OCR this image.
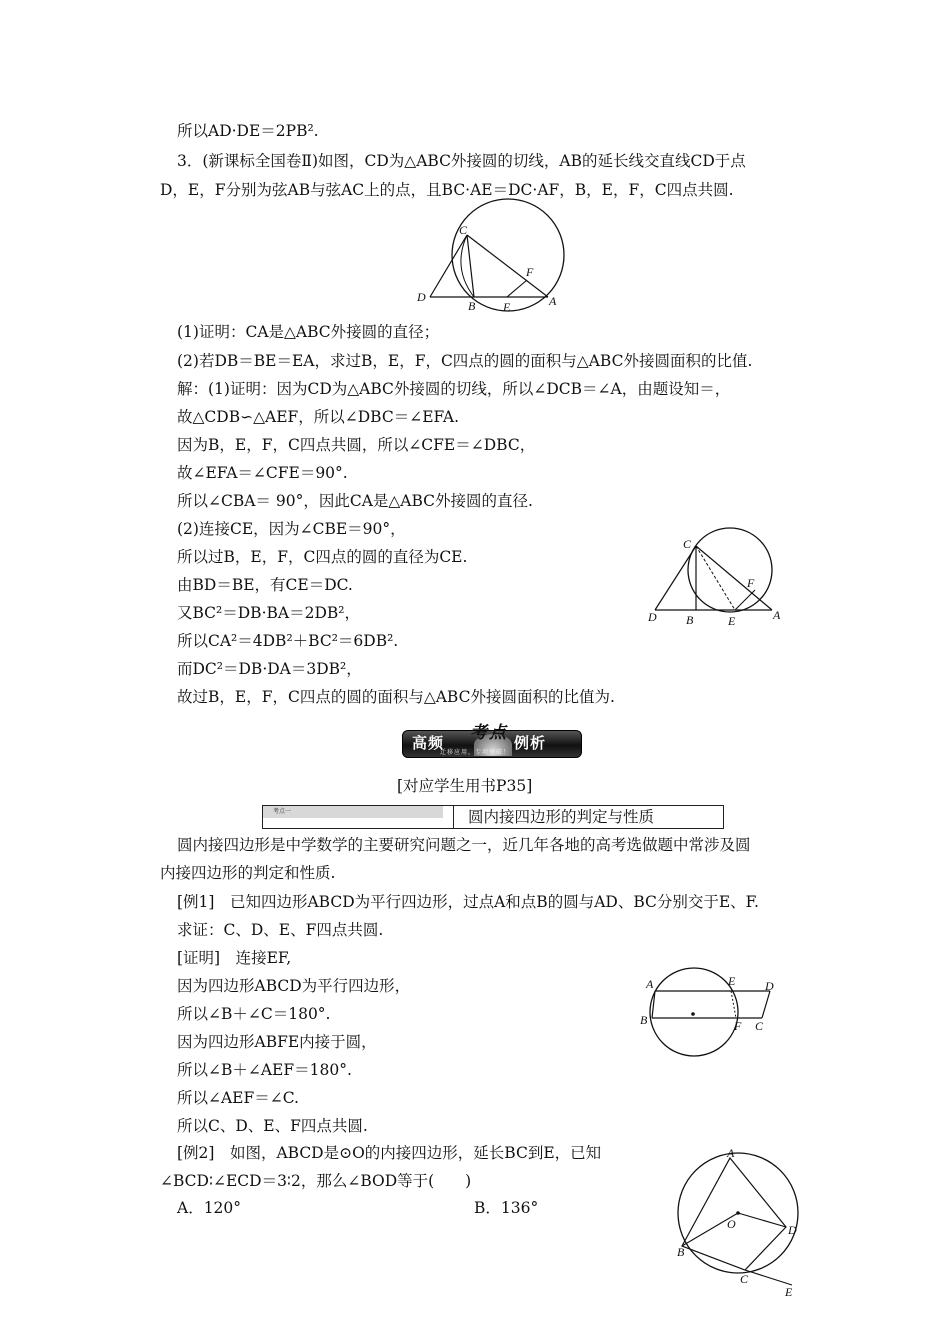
所以AD·DE＝2PB².
3．(新课标全国卷Ⅱ)如图，CD为△ABC外接圆的切线，AB的延长线交直线CD于点
D，E，F分别为弦AB与弦AC上的点，且BC·AE＝DC·AF，B，E，F，C四点共圆.
C
F
D
B E	A
(1)证明：CA是△ABC外接圆的直径；
(2)若DB＝BE＝EA，求过B，E，F，C四点的圆的面积与△ABC外接圆面积的比值.
解：(1)证明：因为CD为△ABC外接圆的切线，所以∠DCB＝∠A，由题设知＝，
故△CDB∽△AEF，所以∠DBC＝∠EFA.
因为B，E，F，C四点共圆，所以∠CFE＝∠DBC，
故∠EFA＝∠CFE＝90°.
所以∠CBA＝ 90°，因此CA是△ABC外接圆的直径.
(2)连接CE，因为∠CBE＝90°，
所以过B，E，F，C四点的圆的直径为CE.
由BD＝BE，有CE＝DC.
又BC²＝DB·BA＝2DB²，
所以CA²＝4DB²＋BC²＝6DB².
而DC²＝DB·DA＝3DB²，
故过B，E，F，C四点的圆的面积与△ABC外接圆面积的比值为.
C
F
D B	E	A
高频 考点 例析
迁移应用，专项突破！
[对应学生用书P35]
考点一	圆内接四边形的判定与性质
圆内接四边形是中学数学的主要研究问题之一，近几年各地的高考选做题中常涉及圆
内接四边形的判定和性质.
[例1]　已知四边形ABCD为平行四边形，过点A和点B的圆与AD、BC分别交于E、F.
求证：C、D、E、F四点共圆.
[证明]　连接EF,
因为四边形ABCD为平行四边形，
所以∠B＋∠C＝180°.
因为四边形ABFE内接于圆，
所以∠B＋∠AEF＝180°.
所以∠AEF＝∠C.
所以C、D、E、F四点共圆.
A	E D
B	F C
[例2]　如图，ABCD是⊙O的内接四边形，延长BC到E，已知
∠BCD∶∠ECD＝3∶2，那么∠BOD等于(　　)
A．120°	B．136°
A
O	D
B
C
E
